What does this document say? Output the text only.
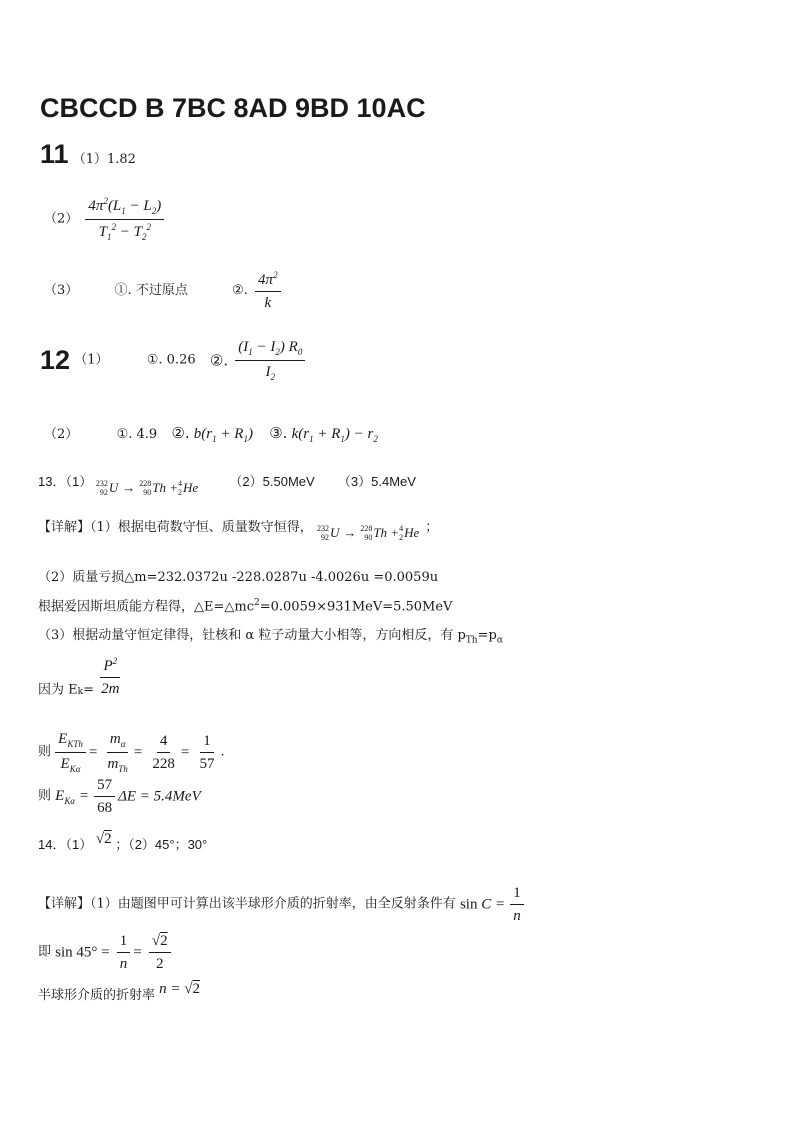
CBCCD B 7BC 8AD 9BD 10AC
11 （1）1.82
$(2) \frac{4\pi^2(L_1 - L_2)}{T_1^2 - T_2^2}$
（3）	①. 不过原点	②. $\frac{4\pi^2}{k}$
12 （1）	①. 0.26 ②. $\frac{(I_1 - I_2) R_0}{I_2}$
（2）	①. 4.9 ②. $b(r_1 + R_1)$ ③. $k(r_1 + R_1) - r_2$
13．（1） 232
92 U → 228
90 Th + 4
2 He  （2）5.50MeV （3）5.4MeV
【详解】（1）根据电荷数守恒、质量数守恒得， 232
92 U → 228
90 Th + 4
2 He；
（2）质量亏损△m=232.0372u -228.0287u -4.0026u =0.0059u
根据爱因斯坦质能方程得，$\triangle E=\triangle mc^2=0.0059\times 931MeV=5.50MeV$
（3）根据动量守恒定律得，钍核和 α 粒子动量大小相等，方向相反，有 $p_{Th}=p_\alpha$
因为 $Ek= \frac{P^2}{2m}$
则 $\frac{E_{KTh}}{E_{K\alpha}} = \frac{m_\alpha}{m_{Th}} = \frac{4}{228} = \frac{1}{57}$ .
则 $E_{K\alpha} = \frac{57}{68}$ ΔE = 5.4MeV
14．（1） √2 ；（2）45°；30°
【详解】（1）由题图甲可计算出该半球形介质的折射率，由全反射条件有 $\sin C = \frac{1}{n}$
即 $\sin 45^\circ = \frac{1}{n} = \frac{√2}{2}$
半球形介质的折射率 n = √2
